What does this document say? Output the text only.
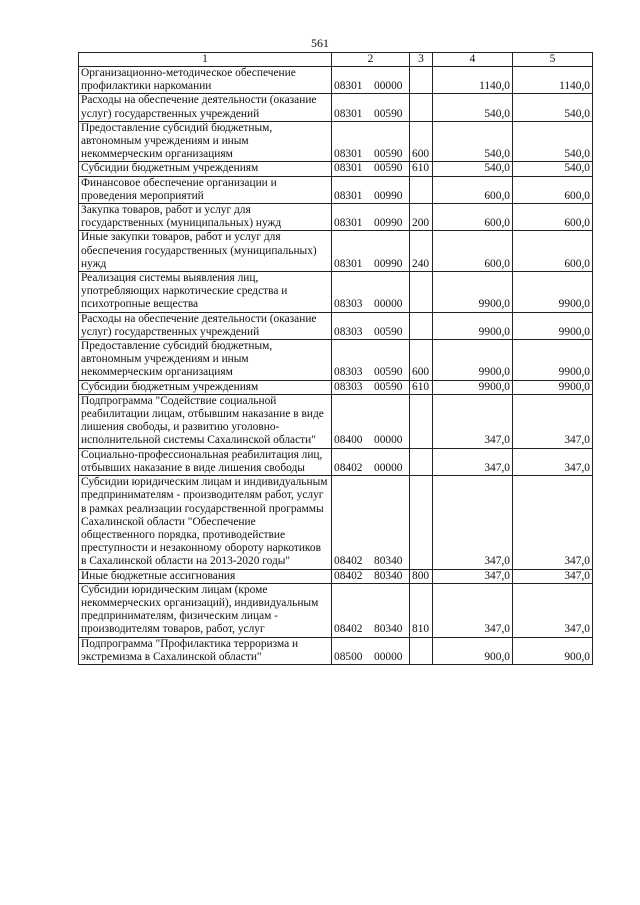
561
1	2	3	4	5
Организационно-методическое обеспечение профилактики наркомании	08301 00000		1140,0	1140,0
Расходы на обеспечение деятельности (оказание услуг) государственных учреждений	08301 00590		540,0	540,0
Предоставление субсидий бюджетным, автономным учреждениям и иным некоммерческим организациям	08301 00590	600	540,0	540,0
Субсидии бюджетным учреждениям	08301 00590	610	540,0	540,0
Финансовое обеспечение организации и проведения мероприятий	08301 00990		600,0	600,0
Закупка товаров, работ и услуг для государственных (муниципальных) нужд	08301 00990	200	600,0	600,0
Иные закупки товаров, работ и услуг для обеспечения государственных (муниципальных) нужд	08301 00990	240	600,0	600,0
Реализация системы выявления лиц, употребляющих наркотические средства и психотропные вещества	08303 00000		9900,0	9900,0
Расходы на обеспечение деятельности (оказание услуг) государственных учреждений	08303 00590		9900,0	9900,0
Предоставление субсидий бюджетным, автономным учреждениям и иным некоммерческим организациям	08303 00590	600	9900,0	9900,0
Субсидии бюджетным учреждениям	08303 00590	610	9900,0	9900,0
Подпрограмма "Содействие социальной реабилитации лицам, отбывшим наказание в виде лишения свободы, и развитию уголовно-исполнительной системы Сахалинской области"	08400 00000		347,0	347,0
Социально-профессиональная реабилитация лиц, отбывших наказание в виде лишения свободы	08402 00000		347,0	347,0
Субсидии юридическим лицам и индивидуальным предпринимателям - производителям работ, услуг в рамках реализации государственной программы Сахалинской области "Обеспечение общественного порядка, противодействие преступности и незаконному обороту наркотиков в Сахалинской области на 2013-2020 годы"	08402 80340		347,0	347,0
Иные бюджетные ассигнования	08402 80340	800	347,0	347,0
Субсидии юридическим лицам (кроме некоммерческих организаций), индивидуальным предпринимателям, физическим лицам - производителям товаров, работ, услуг	08402 80340	810	347,0	347,0
Подпрограмма "Профилактика терроризма и экстремизма в Сахалинской области"	08500 00000		900,0	900,0
